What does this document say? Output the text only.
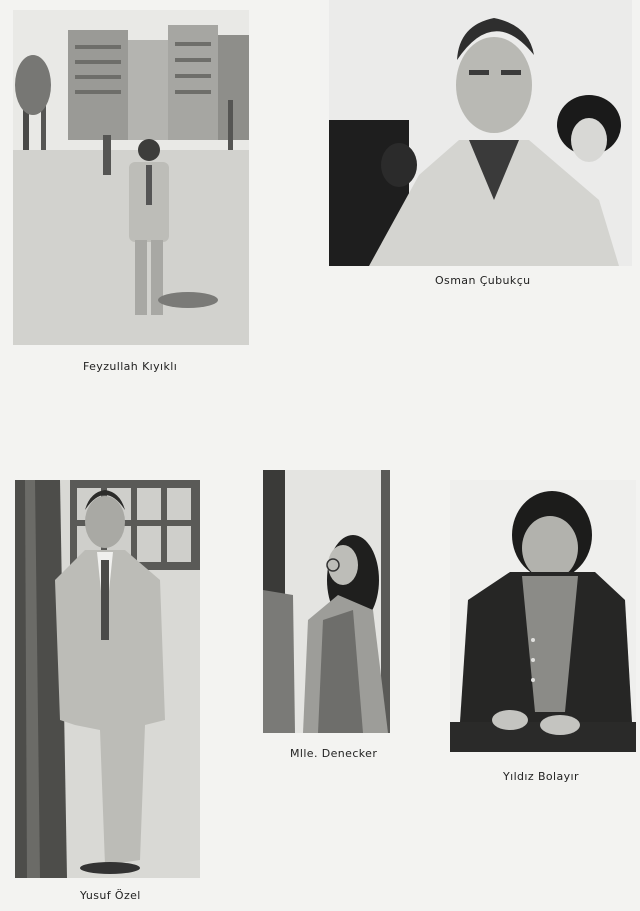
Feyzullah Kıyıklı
Osman Çubukçu
Yusuf Özel
Mlle. Denecker
Yıldız Bolayır
